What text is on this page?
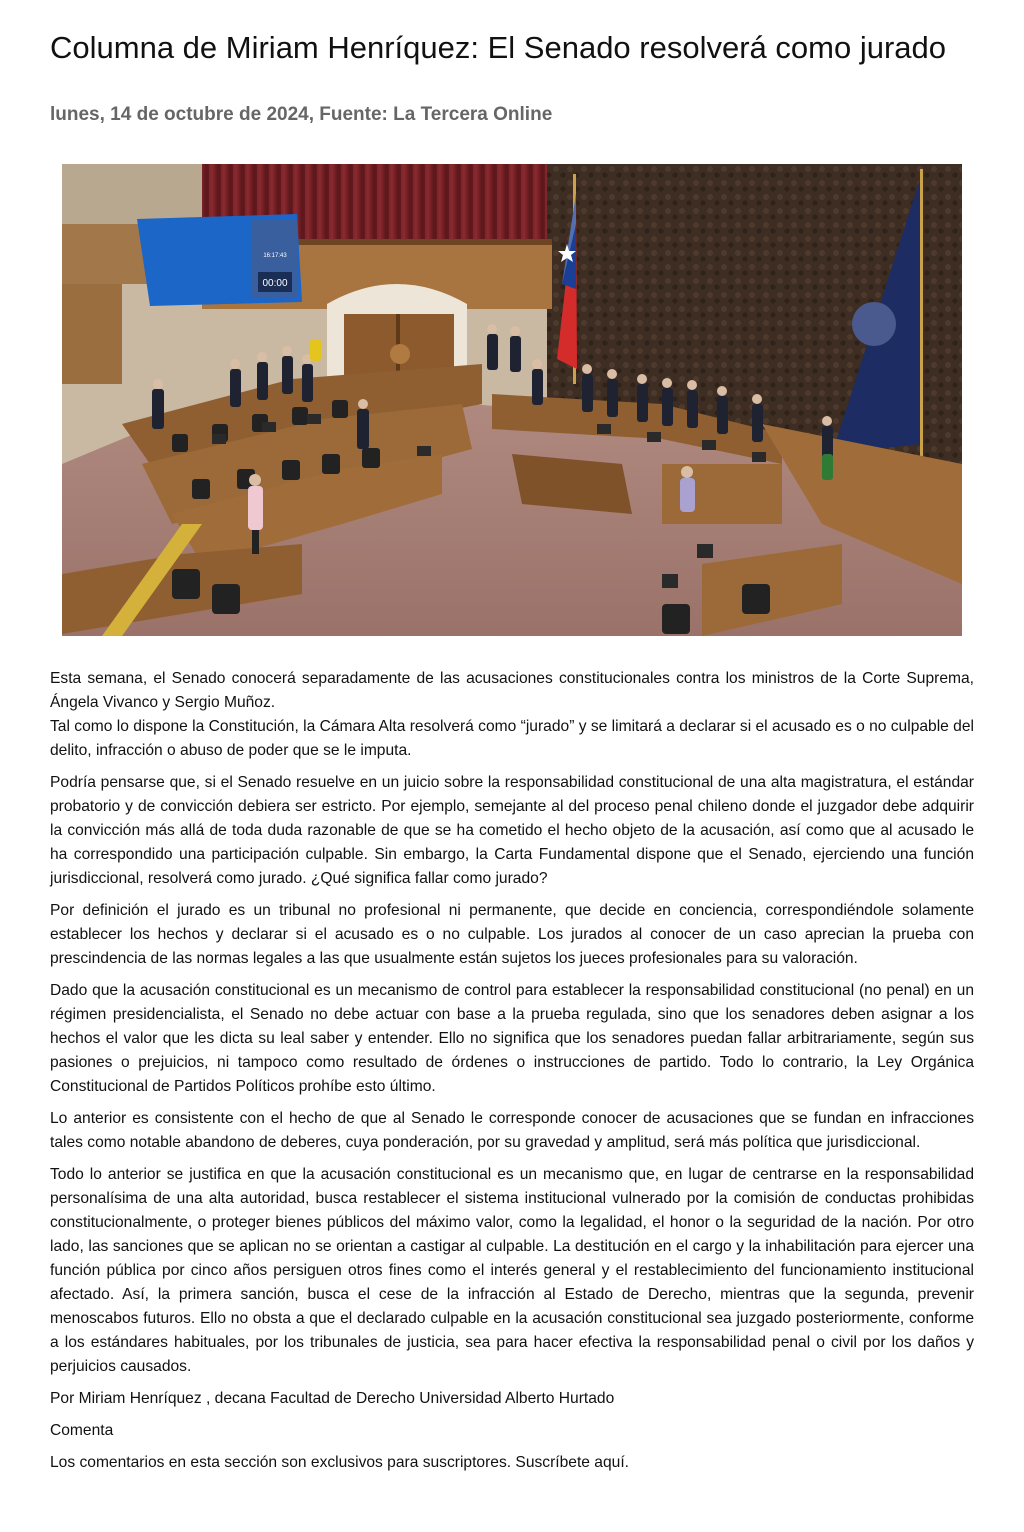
Columna de Miriam Henríquez: El Senado resolverá como jurado
lunes, 14 de octubre de 2024, Fuente: La Tercera Online
00:00
16:17:43

Esta semana, el Senado conocerá separadamente de las acusaciones constitucionales contra los ministros de la Corte Suprema, Ángela Vivanco y Sergio Muñoz.

Tal como lo dispone la Constitución, la Cámara Alta resolverá como “jurado” y se limitará a declarar si el acusado es o no culpable del delito, infracción o abuso de poder que se le imputa.

Podría pensarse que, si el Senado resuelve en un juicio sobre la responsabilidad constitucional de una alta magistratura, el estándar probatorio y de convicción debiera ser estricto. Por ejemplo, semejante al del proceso penal chileno donde el juzgador debe adquirir la convicción más allá de toda duda razonable de que se ha cometido el hecho objeto de la acusación, así como que al acusado le ha correspondido una participación culpable. Sin embargo, la Carta Fundamental dispone que el Senado, ejerciendo una función jurisdiccional, resolverá como jurado. ¿Qué significa fallar como jurado?

Por definición el jurado es un tribunal no profesional ni permanente, que decide en conciencia, correspondiéndole solamente establecer los hechos y declarar si el acusado es o no culpable. Los jurados al conocer de un caso aprecian la prueba con prescindencia de las normas legales a las que usualmente están sujetos los jueces profesionales para su valoración.

Dado que la acusación constitucional es un mecanismo de control para establecer la responsabilidad constitucional (no penal) en un régimen presidencialista, el Senado no debe actuar con base a la prueba regulada, sino que los senadores deben asignar a los hechos el valor que les dicta su leal saber y entender. Ello no significa que los senadores puedan fallar arbitrariamente, según sus pasiones o prejuicios, ni tampoco como resultado de órdenes o instrucciones de partido. Todo lo contrario, la Ley Orgánica Constitucional de Partidos Políticos prohíbe esto último.

Lo anterior es consistente con el hecho de que al Senado le corresponde conocer de acusaciones que se fundan en infracciones tales como notable abandono de deberes, cuya ponderación, por su gravedad y amplitud, será más política que jurisdiccional.

Todo lo anterior se justifica en que la acusación constitucional es un mecanismo que, en lugar de centrarse en la responsabilidad personalísima de una alta autoridad, busca restablecer el sistema institucional vulnerado por la comisión de conductas prohibidas constitucionalmente, o proteger bienes públicos del máximo valor, como la legalidad, el honor o la seguridad de la nación. Por otro lado, las sanciones que se aplican no se orientan a castigar al culpable. La destitución en el cargo y la inhabilitación para ejercer una función pública por cinco años persiguen otros fines como el interés general y el restablecimiento del funcionamiento institucional afectado. Así, la primera sanción, busca el cese de la infracción al Estado de Derecho, mientras que la segunda, prevenir menoscabos futuros. Ello no obsta a que el declarado culpable en la acusación constitucional sea juzgado posteriormente, conforme a los estándares habituales, por los tribunales de justicia, sea para hacer efectiva la responsabilidad penal o civil por los daños y perjuicios causados.

Por Miriam Henríquez , decana Facultad de Derecho Universidad Alberto Hurtado

Comenta

Los comentarios en esta sección son exclusivos para suscriptores. Suscríbete aquí.
